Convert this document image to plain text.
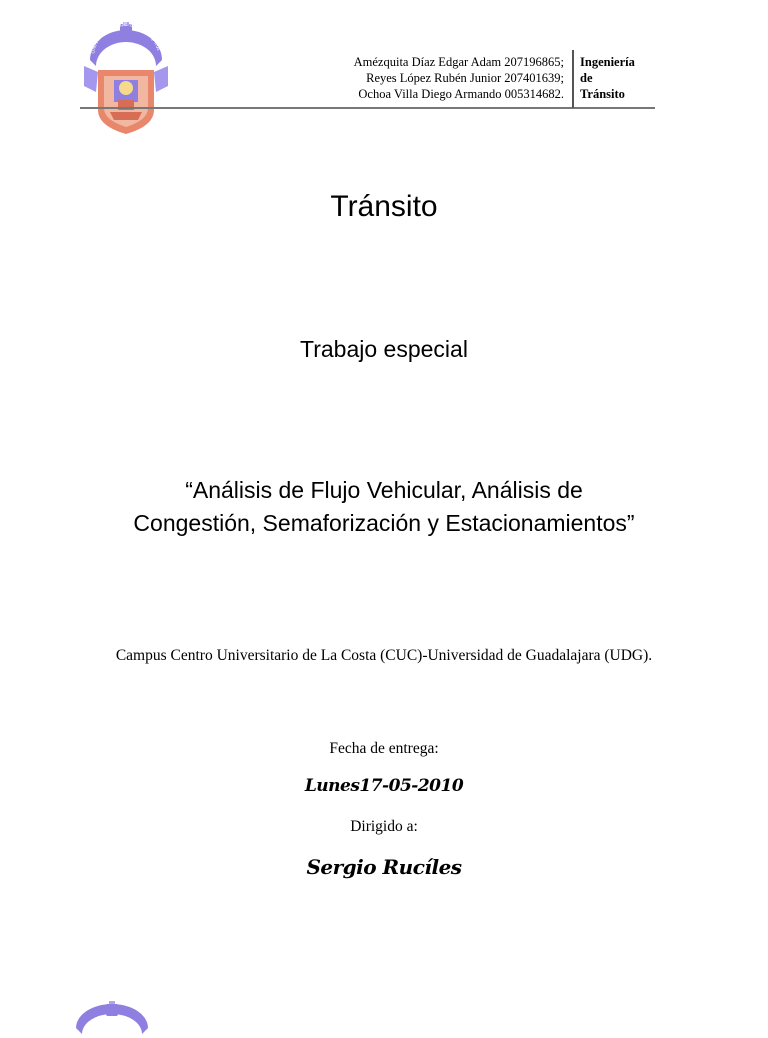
UNIVERSIDAD DE GUADALAJARA
Amézquita Díaz Edgar Adam 207196865;
Reyes López Rubén Junior 207401639;
Ochoa Villa Diego Armando 005314682.
Ingeniería
de
Tránsito
Tránsito
Trabajo especial
“Análisis de Flujo Vehicular, Análisis de
Congestión, Semaforización y Estacionamientos”
Campus Centro Universitario de La Costa (CUC)-Universidad de Guadalajara (UDG).
Fecha de entrega:
Lunes17-05-2010
Dirigido a:
Sergio Rucíles
